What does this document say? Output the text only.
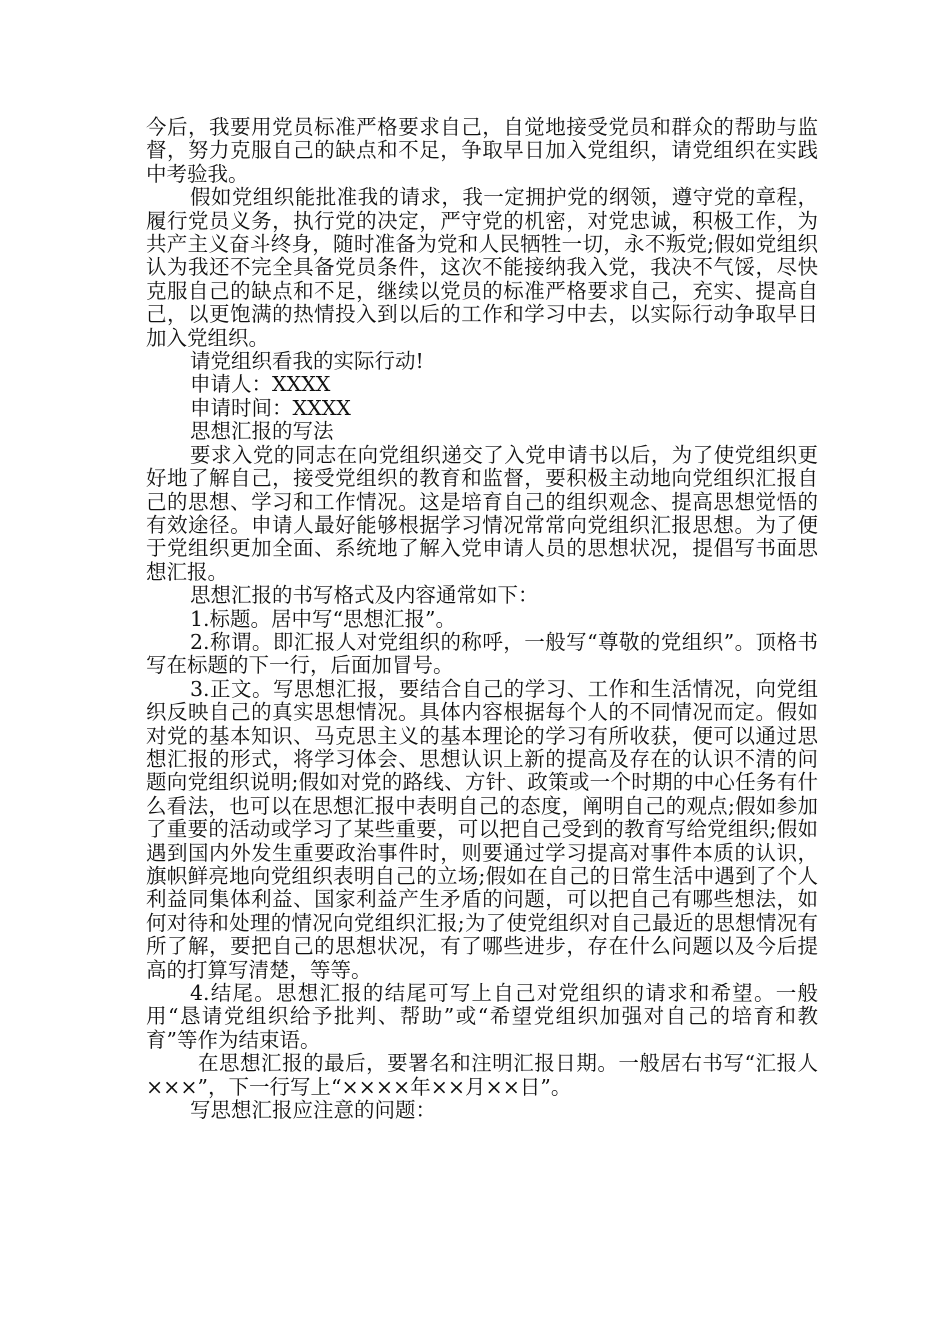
今后，我要用党员标准严格要求自己，自觉地接受党员和群众的帮助与监督，努力克服自己的缺点和不足，争取早日加入党组织，请党组织在实践中考验我。

假如党组织能批准我的请求，我一定拥护党的纲领，遵守党的章程，履行党员义务，执行党的决定，严守党的机密，对党忠诚，积极工作，为共产主义奋斗终身，随时准备为党和人民牺牲一切，永不叛党;假如党组织认为我还不完全具备党员条件，这次不能接纳我入党，我决不气馁，尽快克服自己的缺点和不足，继续以党员的标准严格要求自己，充实、提高自己，以更饱满的热情投入到以后的工作和学习中去，以实际行动争取早日加入党组织。

请党组织看我的实际行动!

申请人：XXXX

申请时间：XXXX

思想汇报的写法

要求入党的同志在向党组织递交了入党申请书以后，为了使党组织更好地了解自己，接受党组织的教育和监督，要积极主动地向党组织汇报自己的思想、学习和工作情况。这是培育自己的组织观念、提高思想觉悟的有效途径。申请人最好能够根据学习情况常常向党组织汇报思想。为了便于党组织更加全面、系统地了解入党申请人员的思想状况，提倡写书面思想汇报。

思想汇报的书写格式及内容通常如下：

1.标题。居中写“思想汇报”。

2.称谓。即汇报人对党组织的称呼，一般写“尊敬的党组织”。顶格书写在标题的下一行，后面加冒号。

3.正文。写思想汇报，要结合自己的学习、工作和生活情况，向党组织反映自己的真实思想情况。具体内容根据每个人的不同情况而定。假如对党的基本知识、马克思主义的基本理论的学习有所收获，便可以通过思想汇报的形式，将学习体会、思想认识上新的提高及存在的认识不清的问题向党组织说明;假如对党的路线、方针、政策或一个时期的中心任务有什么看法，也可以在思想汇报中表明自己的态度，阐明自己的观点;假如参加了重要的活动或学习了某些重要，可以把自己受到的教育写给党组织;假如遇到国内外发生重要政治事件时，则要通过学习提高对事件本质的认识，旗帜鲜亮地向党组织表明自己的立场;假如在自己的日常生活中遇到了个人利益同集体利益、国家利益产生矛盾的问题，可以把自己有哪些想法，如何对待和处理的情况向党组织汇报;为了使党组织对自己最近的思想情况有所了解，要把自己的思想状况，有了哪些进步，存在什么问题以及今后提高的打算写清楚，等等。

4.结尾。思想汇报的结尾可写上自己对党组织的请求和希望。一般用“恳请党组织给予批判、帮助”或“希望党组织加强对自己的培育和教育”等作为结束语。

在思想汇报的最后，要署名和注明汇报日期。一般居右书写“汇报人×××”，下一行写上“××××年××月××日”。

写思想汇报应注意的问题：
